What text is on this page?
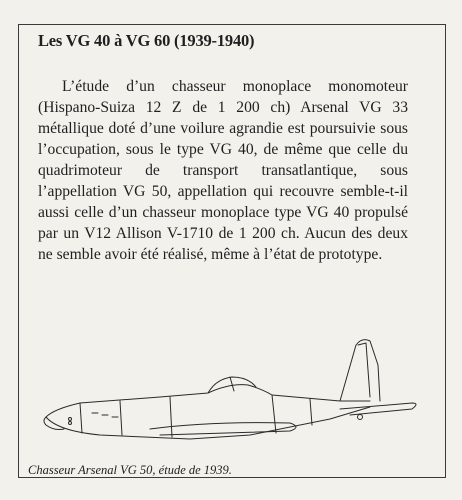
Les VG 40 à VG 60 (1939-1940)

L’étude d’un chasseur monoplace monomoteur (Hispano-Suiza 12 Z de 1 200 ch) Arsenal VG 33 métallique doté d’une voilure agrandie est poursuivie sous l’occupation, sous le type VG 40, de même que celle du quadrimoteur de transport transatlantique, sous l’appellation VG 50, appellation qui recouvre semble-t-il aussi celle d’un chasseur monoplace type VG 40 propulsé par un V12 Allison V-1710 de 1 200 ch. Aucun des deux ne semble avoir été réalisé, même à l’état de prototype.

Chasseur Arsenal VG 50, étude de 1939.
